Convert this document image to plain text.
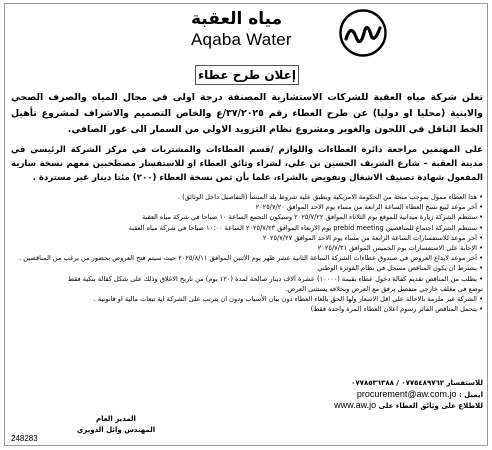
مياه العقبة
Aqaba Water
إعلان طرح عطاء

تعلن شركة مياه العقبة للشركات الاستشارية المصنفة درجة اولى في مجال المياه والصرف الصحي والابنية (محليا او دوليا) عن طرح العطاء رقم ٣٧/٢٠٢٥/ع والخاص التصميم والاشراف لمشروع تأهيل الخط الناقل في اللجون والغوير ومشروع نظام التزويد الاولي من السمار الى غور الصافي.

على المهتمين مراجعة دائرة العطاءات واللوازم /قسم العطاءات والمشتريات في مركز الشركة الرئيسي في مدينة العقبة – شارع الشريف الحسين بن علي، لشراء وثائق العطاء او للاستفسار مصطحبين معهم نسخة سارية المفعول شهادة تصنيف الاشغال وتفويض بالشراء، علما بأن ثمن نسخة العطاء (٢٠٠) مئتا دينار غير مستردة .

• هذا العطاء ممول بموجب منحة من الحكومة الامريكية ويطبق عليه شروط بلد المنشأ (التفاصيل داخل الوثائق) .
• آخر موعد لبيع نسخ العطاء الساعة الرابعة من مساء يوم الاحد الموافق ٢٠٢٥/٧/٢٠
• ستنظم الشركة زيارة ميدانية للموقع يوم الثلاثاء الموافق ٢٠٢٥/٧/٢٢ وسيكون التجمع الساعة ١٠ صباحا في شركة مياه العقبة
• ستنظم الشركة اجتماع للمناقصين prebid meeting يوم الاربعاء الموافق ٢٠٢٥/٧/٢٣ الساعة ١٠:٠٠ صباحا في شركة مياه العقبة
• آخر موعد للاستفسارات الساعة الرابعة من مساء يوم الاحد الموافق ٢٠٢٥/٧/٢٧
• الإجابة على الاستفسارات يوم الخميس الموافق ٢٠٢٥/٧/٣١
• آخر موعد لايداع العروض في صندوق عطاءات الشركة الساعة الثانية عشر ظهر يوم الاثنين الموافق ٢٠٢٥/٨/١١ حيث سيتم فتح العروض بحضور من يرغب من المناقصين .
• يشترط ان يكون المناقص مسجل في نظام الفوترة الوطني
• يطلب من المناقص تقديم كفالة دخول عطاء بقيمة (١٠٠٠٠) عشرة آلاف دينار صالحة لمدة (١٢٠ يوم) من تاريخ الاغلاق وذلك على شكل كفالة بنكية فقط
توضع في مغلف خارجي منفصل يرفق مع العرض وبخلافه يستثنى العرض.
• الشركة غير ملزمة بالاحالة على اقل الاسعار ولها الحق بالغاء العطاء دون بيان الأسباب ودون ان يترتب على الشركة اية تبعات مالية او قانونية .
• يتحمل المناقص الفائز رسوم اعلان العطاء (لمرة واحدة فقط)
للاستفسار ٠٧٧٥٤٨٩٧٦٢ / ٠٧٧٨٥٣٦٣٨٨
ايميل : procurement@aw.com.jo
للاطلاع على وثائق العطاء على www.aw.jo
المدير العام
المهندس وائل الدويري
248283
